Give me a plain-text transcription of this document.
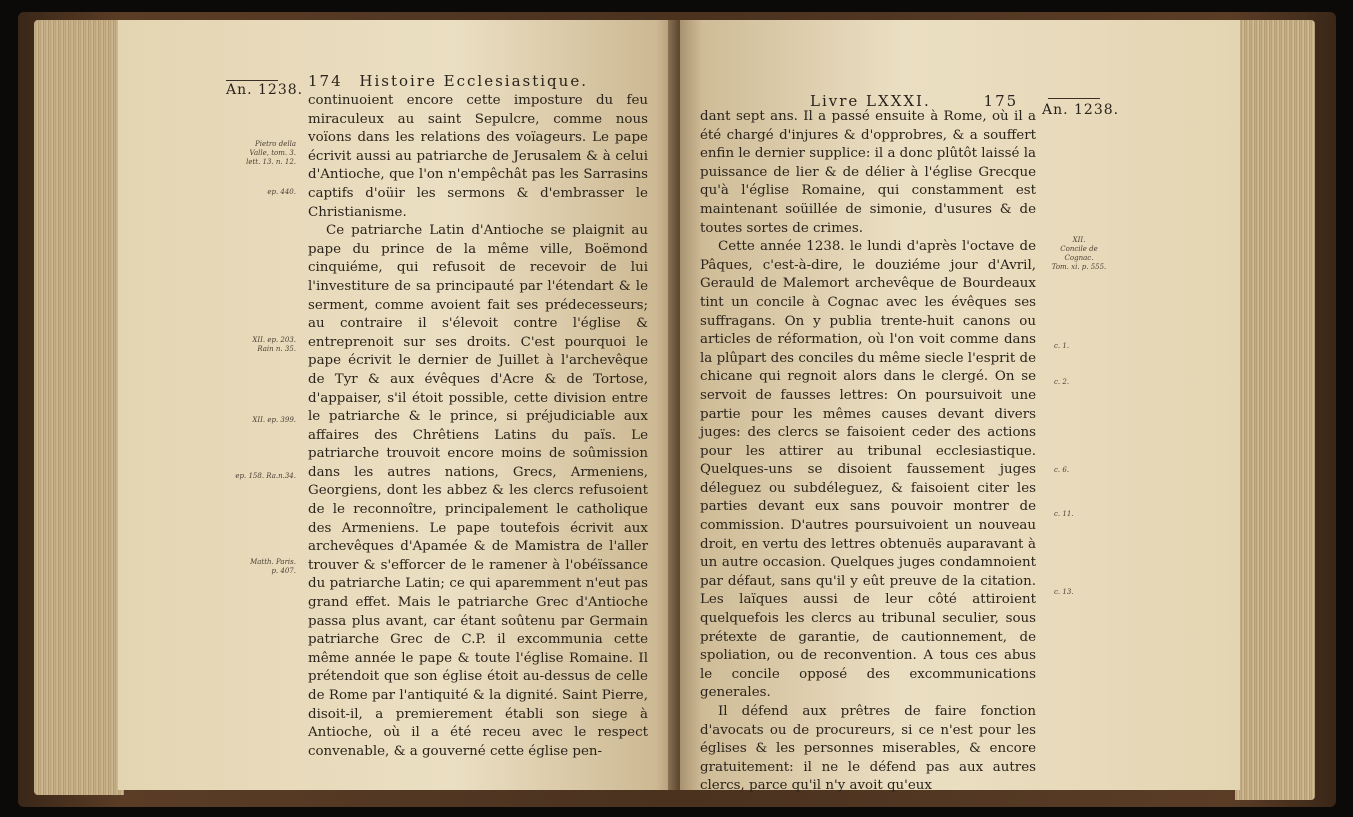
An. 1238. 174 Histoire Ecclesiastique.
Pietro della
Valle, tom. 3.
lett. 13. n. 12.
ep. 440.
XII. ep. 203.
Rain n. 35.
XII. ep. 399.
ep. 158. Ra.n.34.
Matth. Paris.
p. 407.

continuoient encore cette imposture du feu miraculeux au saint Sepulcre, comme nous voïons dans les relations des voïageurs. Le pape écrivit aussi au patriarche de Jerusalem & à celui d'Antioche, que l'on n'empêchât pas les Sarrasins captifs d'oüir les sermons & d'embrasser le Christianisme.

Ce patriarche Latin d'Antioche se plaignit au pape du prince de la même ville, Boëmond cinquiéme, qui refusoit de recevoir de lui l'investiture de sa principauté par l'étendart & le serment, comme avoient fait ses prédecesseurs; au contraire il s'élevoit contre l'église & entreprenoit sur ses droits. C'est pourquoi le pape écrivit le dernier de Juillet à l'archevêque de Tyr & aux évêques d'Acre & de Tortose, d'appaiser, s'il étoit possible, cette division entre le patriarche & le prince, si préjudiciable aux affaires des Chrêtiens Latins du païs. Le patriarche trouvoit encore moins de soûmission dans les autres nations, Grecs, Armeniens, Georgiens, dont les abbez & les clercs refusoient de le reconnoître, principalement le catholique des Armeniens. Le pape toutefois écrivit aux archevêques d'Apamée & de Mamistra de l'aller trouver & s'efforcer de le ramener à l'obéïssance du patriarche Latin; ce qui aparemment n'eut pas grand effet. Mais le patriarche Grec d'Antioche passa plus avant, car étant soûtenu par Germain patriarche Grec de C.P. il excommunia cette même année le pape & toute l'église Romaine. Il prétendoit que son église étoit au-dessus de celle de Rome par l'antiquité & la dignité. Saint Pierre, disoit-il, a premierement établi son siege à Antioche, où il a été receu avec le respect convenable, & a gouverné cette église pen-

Livre LXXXI.	175 An. 1238.

dant sept ans. Il a passé ensuite à Rome, où il a été chargé d'injures & d'opprobres, & a souffert enfin le dernier supplice: il a donc plûtôt laissé la puissance de lier & de délier à l'église Grecque qu'à l'église Romaine, qui constamment est maintenant soüillée de simonie, d'usures & de toutes sortes de crimes.

Cette année 1238. le lundi d'après l'octave de Pâques, c'est-à-dire, le douziéme jour d'Avril, Gerauld de Malemort archevêque de Bourdeaux tint un concile à Cognac avec les évêques ses suffragans. On y publia trente-huit canons ou articles de réformation, où l'on voit comme dans la plûpart des conciles du même siecle l'esprit de chicane qui regnoit alors dans le clergé. On se servoit de fausses lettres: On poursuivoit une partie pour les mêmes causes devant divers juges: des clercs se faisoient ceder des actions pour les attirer au tribunal ecclesiastique. Quelques-uns se disoient faussement juges déleguez ou subdéleguez, & faisoient citer les parties devant eux sans pouvoir montrer de commission. D'autres poursuivoient un nouveau droit, en vertu des lettres obtenuës auparavant à un autre occasion. Quelques juges condamnoient par défaut, sans qu'il y eût preuve de la citation. Les laïques aussi de leur côté attiroient quelquefois les clercs au tribunal seculier, sous prétexte de garantie, de cautionnement, de spoliation, ou de reconvention. A tous ces abus le concile opposé des excommunications generales.

Il défend aux prêtres de faire fonction d'avocats ou de procureurs, si ce n'est pour les églises & les personnes miserables, & encore gratuitement: il ne le défend pas aux autres clercs, parce qu'il n'y avoit qu'eux

XII.
Concile de
Cognac.
Tom. xi. p. 555.
c. 1.
c. 2.
c. 6.
c. 11.
c. 13.
